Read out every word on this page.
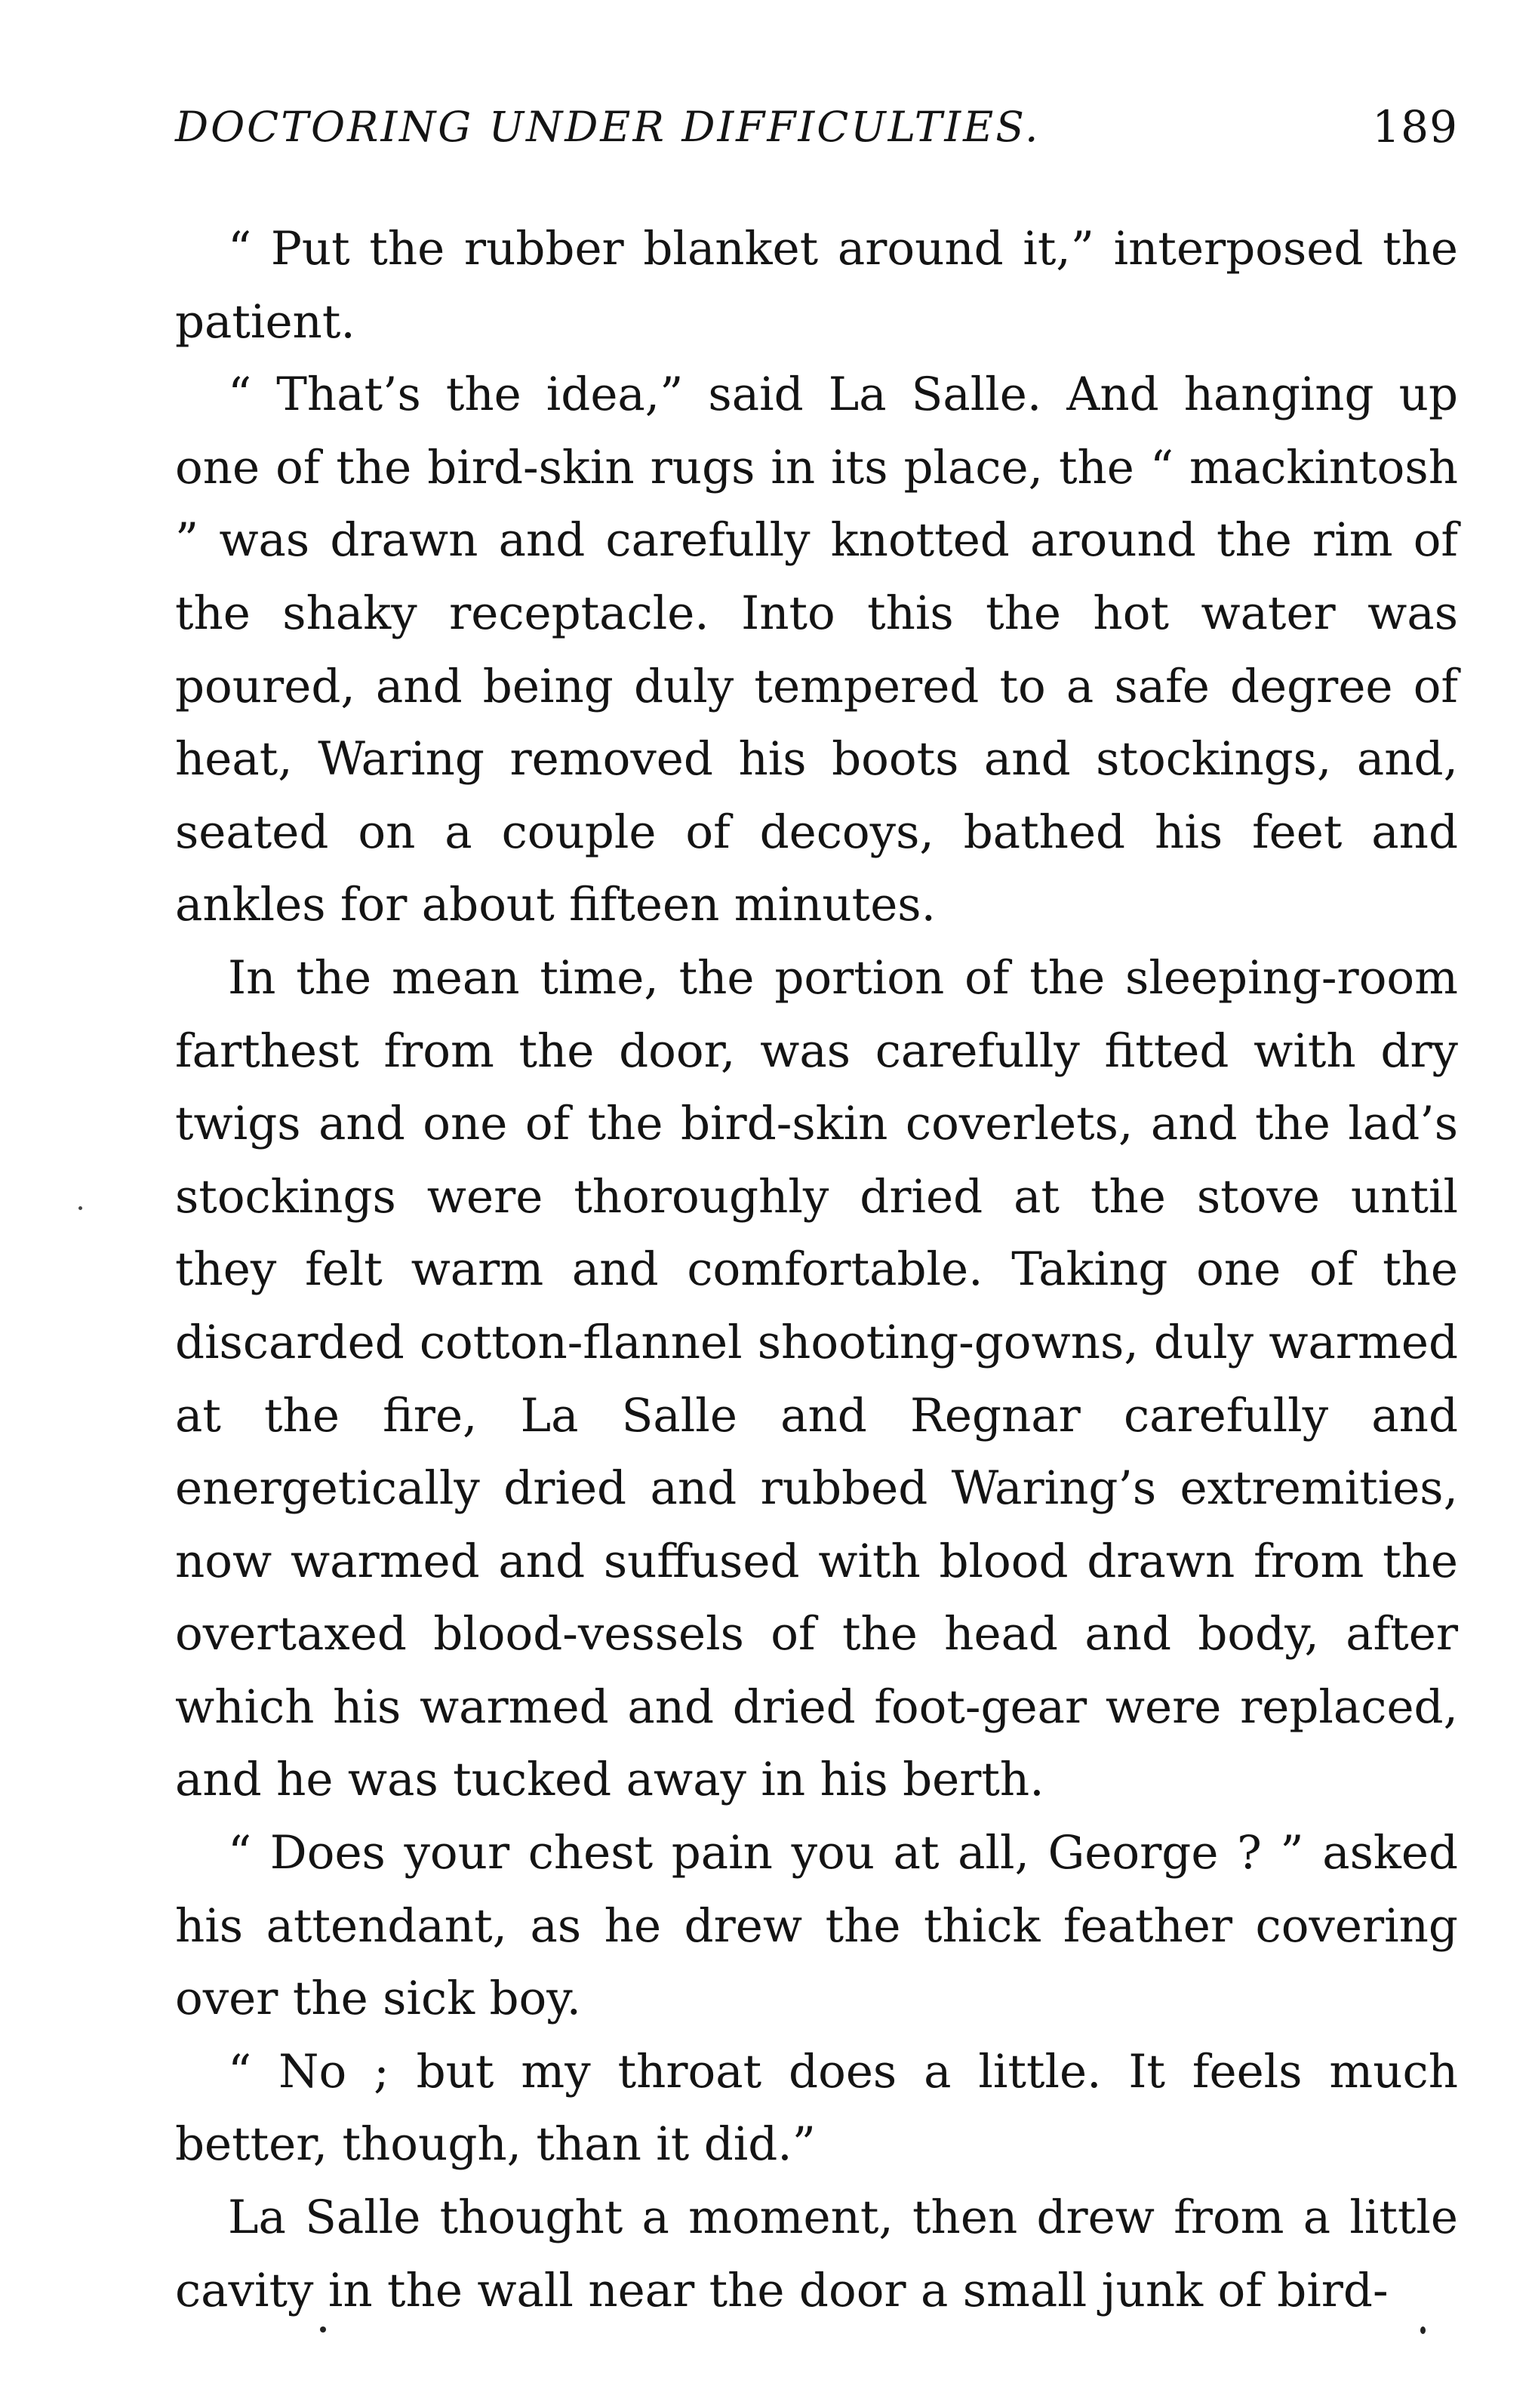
DOCTORING UNDER DIFFICULTIES.	189

“ Put the rubber blanket around it,” interposed the patient.

“ That’s the idea,” said La Salle. And hanging up one of the bird-skin rugs in its place, the “ mackintosh ” was drawn and carefully knotted around the rim of the shaky receptacle. Into this the hot water was poured, and being duly tempered to a safe degree of heat, Waring removed his boots and stockings, and, seated on a couple of decoys, bathed his feet and ankles for about fifteen minutes.

In the mean time, the portion of the sleeping-room farthest from the door, was carefully fitted with dry twigs and one of the bird-skin coverlets, and the lad’s stockings were thoroughly dried at the stove until they felt warm and comfortable. Taking one of the discarded cotton-flannel shooting-gowns, duly warmed at the fire, La Salle and Regnar carefully and energetically dried and rubbed Waring’s extremities, now warmed and suffused with blood drawn from the overtaxed blood-vessels of the head and body, after which his warmed and dried foot-gear were replaced, and he was tucked away in his berth.

“ Does your chest pain you at all, George ? ” asked his attendant, as he drew the thick feather covering over the sick boy.

“ No ; but my throat does a little. It feels much better, though, than it did.”

La Salle thought a moment, then drew from a little cavity in the wall near the door a small junk of bird-
